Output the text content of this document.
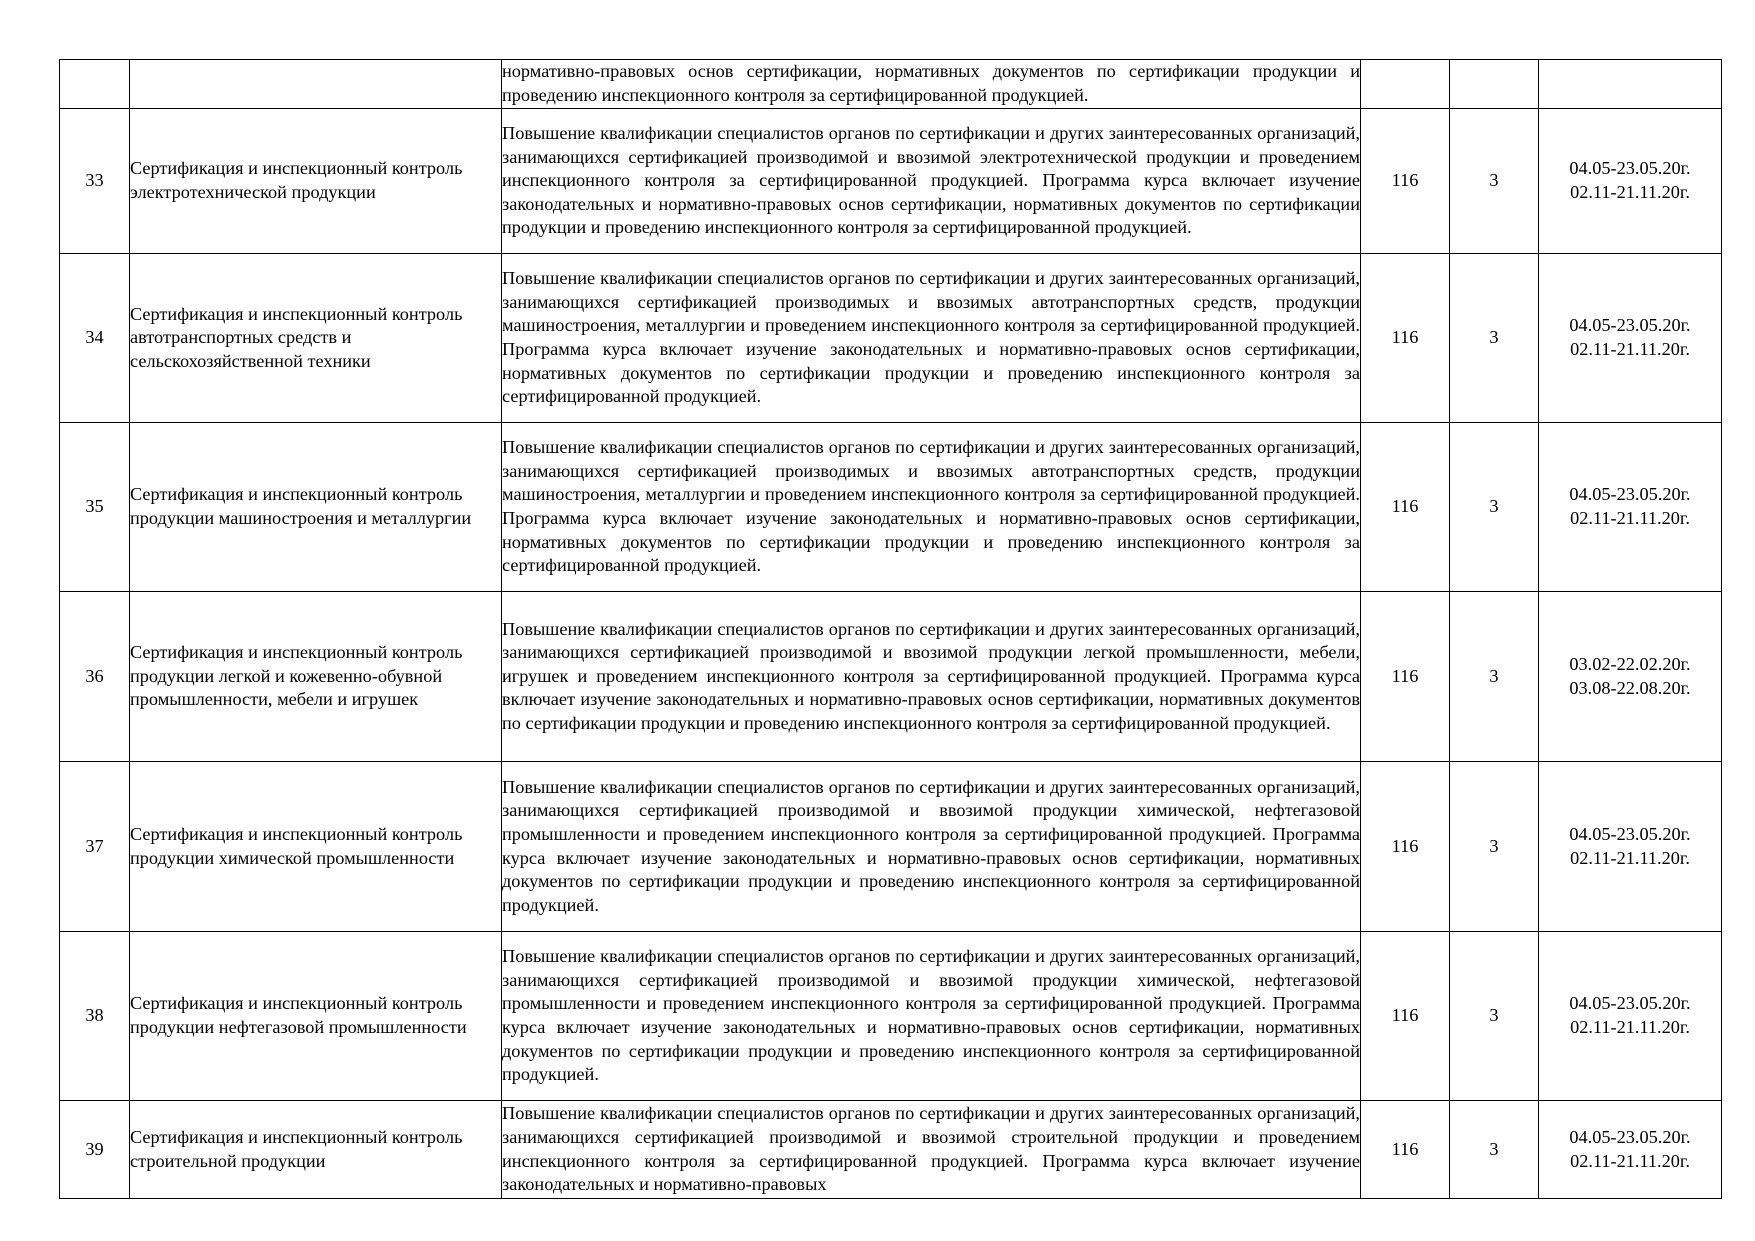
		нормативно-правовых основ сертификации, нормативных документов по сертификации продукции и проведению инспекционного контроля за сертифицированной продукцией.			

33	Сертификация и инспекционный контроль электротехнической продукции	Повышение квалификации специалистов органов по сертификации и других заинтересованных организаций, занимающихся сертификацией производимой и ввозимой электротехнической продукции и проведением инспекционного контроля за сертифицированной продукцией. Программа курса включает изучение законодательных и нормативно-правовых основ сертификации, нормативных документов по сертификации продукции и проведению инспекционного контроля за сертифицированной продукцией.	116	3	04.05-23.05.20г.
02.11-21.11.20г.

34	Сертификация и инспекционный контроль автотранспортных средств и сельскохозяйственной техники	Повышение квалификации специалистов органов по сертификации и других заинтересованных организаций, занимающихся сертификацией производимых и ввозимых автотранспортных средств, продукции машиностроения, металлургии и проведением инспекционного контроля за сертифицированной продукцией. Программа курса включает изучение законодательных и нормативно-правовых основ сертификации, нормативных документов по сертификации продукции и проведению инспекционного контроля за сертифицированной продукцией.	116	3	04.05-23.05.20г.
02.11-21.11.20г.

35	Сертификация и инспекционный контроль продукции машиностроения и металлургии	Повышение квалификации специалистов органов по сертификации и других заинтересованных организаций, занимающихся сертификацией производимых и ввозимых автотранспортных средств, продукции машиностроения, металлургии и проведением инспекционного контроля за сертифицированной продукцией. Программа курса включает изучение законодательных и нормативно-правовых основ сертификации, нормативных документов по сертификации продукции и проведению инспекционного контроля за сертифицированной продукцией.	116	3	04.05-23.05.20г.
02.11-21.11.20г.

36	Сертификация и инспекционный контроль продукции легкой и кожевенно-обувной промышленности, мебели и игрушек	Повышение квалификации специалистов органов по сертификации и других заинтересованных организаций, занимающихся сертификацией производимой и ввозимой продукции легкой промышленности, мебели, игрушек и проведением инспекционного контроля за сертифицированной продукцией. Программа курса включает изучение законодательных и нормативно-правовых основ сертификации, нормативных документов по сертификации продукции и проведению инспекционного контроля за сертифицированной продукцией.	116	3	03.02-22.02.20г.
03.08-22.08.20г.

37	Сертификация и инспекционный контроль продукции химической промышленности	Повышение квалификации специалистов органов по сертификации и других заинтересованных организаций, занимающихся сертификацией производимой и ввозимой продукции химической, нефтегазовой промышленности и проведением инспекционного контроля за сертифицированной продукцией. Программа курса включает изучение законодательных и нормативно-правовых основ сертификации, нормативных документов по сертификации продукции и проведению инспекционного контроля за сертифицированной продукцией.	116	3	04.05-23.05.20г.
02.11-21.11.20г.

38	Сертификация и инспекционный контроль продукции нефтегазовой промышленности	Повышение квалификации специалистов органов по сертификации и других заинтересованных организаций, занимающихся сертификацией производимой и ввозимой продукции химической, нефтегазовой промышленности и проведением инспекционного контроля за сертифицированной продукцией. Программа курса включает изучение законодательных и нормативно-правовых основ сертификации, нормативных документов по сертификации продукции и проведению инспекционного контроля за сертифицированной продукцией.	116	3	04.05-23.05.20г.
02.11-21.11.20г.

39	Сертификация и инспекционный контроль строительной продукции	Повышение квалификации специалистов органов по сертификации и других заинтересованных организаций, занимающихся сертификацией производимой и ввозимой строительной продукции и проведением инспекционного контроля за сертифицированной продукцией. Программа курса включает изучение законодательных и нормативно-правовых	116	3	04.05-23.05.20г.
02.11-21.11.20г.
